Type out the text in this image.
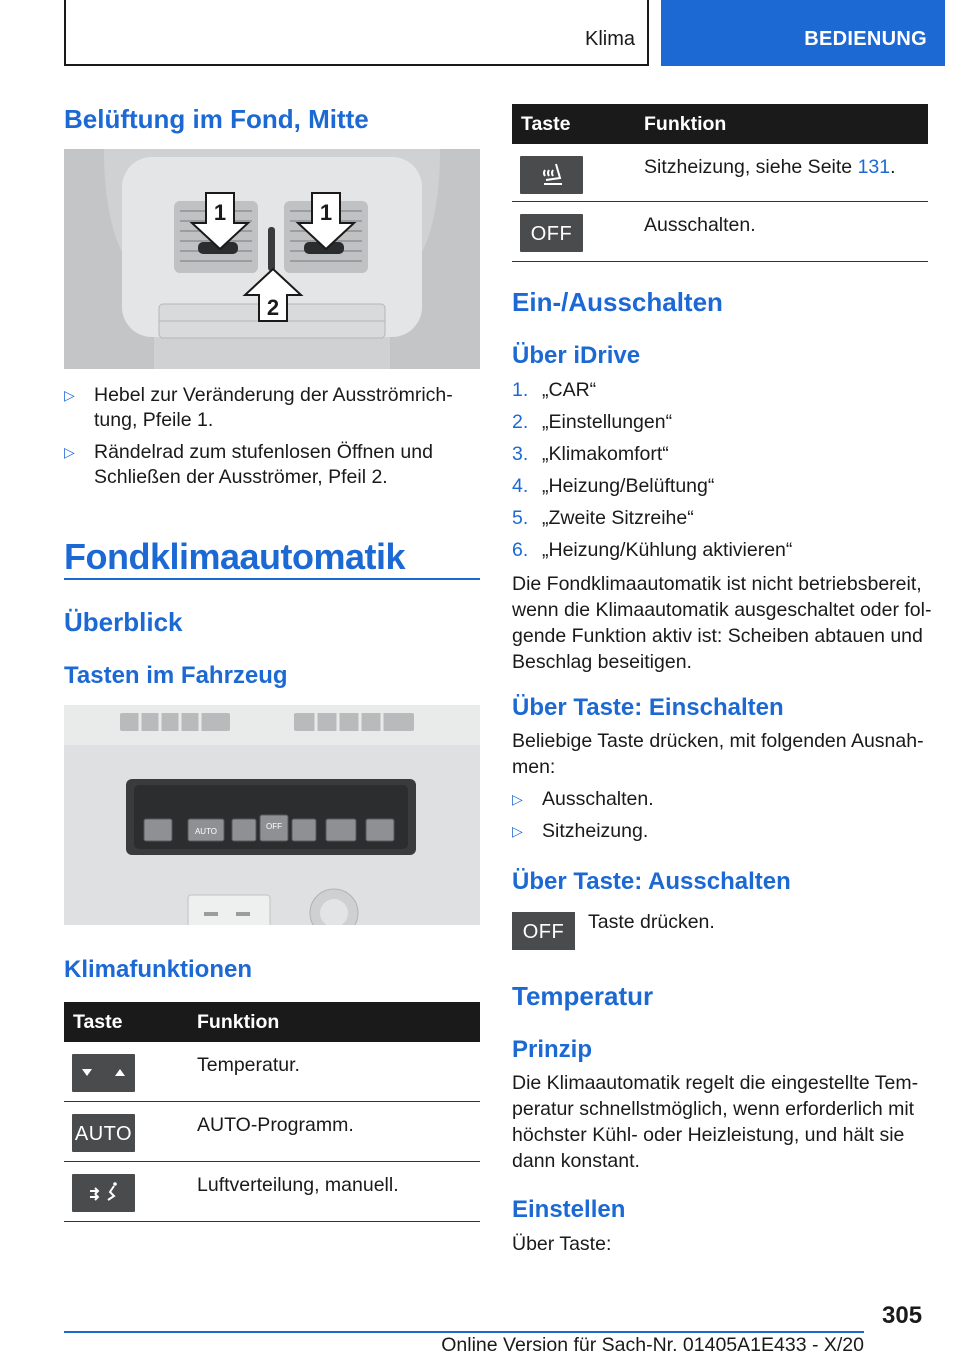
Klima	BEDIENUNG
Belüftung im Fond, Mitte
1	1
2
▷ Hebel zur Veränderung der Ausströmrich-tung, Pfeile 1.
▷ Rändelrad zum stufenlosen Öffnen und Schließen der Ausströmer, Pfeil 2.
Fondklimaautomatik
Überblick
Tasten im Fahrzeug
AUTO
OFF
Klimafunktionen
Taste	Funktion
Temperatur.
AUTO	AUTO-Programm.
Luftverteilung, manuell.
Taste	Funktion
Sitzheizung, siehe Seite 131.
OFF	Ausschalten.
Ein-/Ausschalten
Über iDrive
1. „CAR“
2. „Einstellungen“
3. „Klimakomfort“
4. „Heizung/Belüftung“
5. „Zweite Sitzreihe“
6. „Heizung/Kühlung aktivieren“
Die Fondklimaautomatik ist nicht betriebsbereit, wenn die Klimaautomatik ausgeschaltet oder fol-gende Funktion aktiv ist: Scheiben abtauen und Beschlag beseitigen.
Über Taste: Einschalten
Beliebige Taste drücken, mit folgenden Ausnah-men:
▷ Ausschalten.
▷ Sitzheizung.
Über Taste: Ausschalten
OFF	Taste drücken.
Temperatur
Prinzip
Die Klimaautomatik regelt die eingestellte Tem-peratur schnellstmöglich, wenn erforderlich mit höchster Kühl- oder Heizleistung, und hält sie dann konstant.
Einstellen
Über Taste:
305
Online Version für Sach-Nr. 01405A1E433 - X/20
